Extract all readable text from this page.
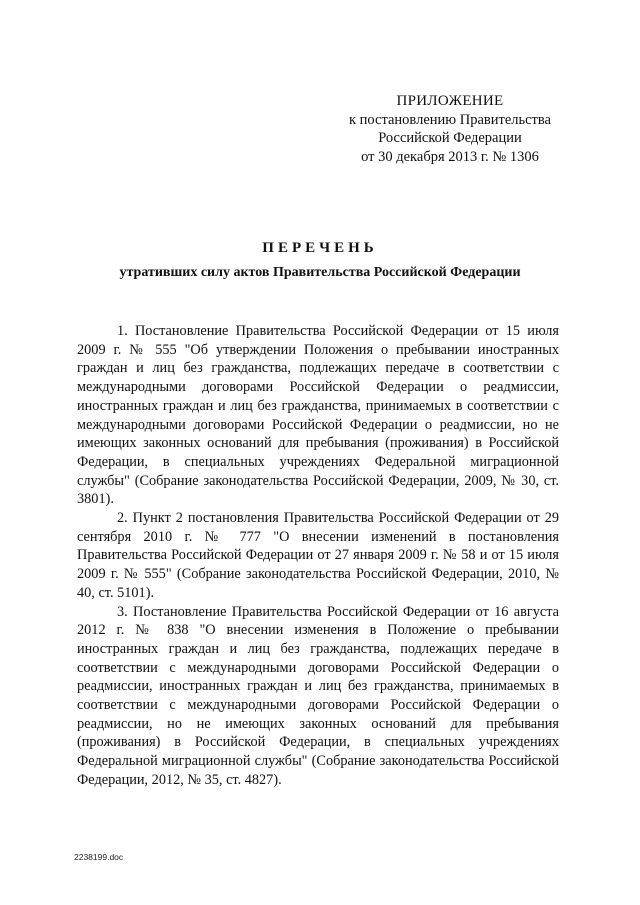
ПРИЛОЖЕНИЕ
к постановлению Правительства
Российской Федерации
от 30 декабря 2013 г. № 1306
ПЕРЕЧЕНЬ
утративших силу актов Правительства Российской Федерации

1. Постановление Правительства Российской Федерации от 15 июля 2009 г. № 555 "Об утверждении Положения о пребывании иностранных граждан и лиц без гражданства, подлежащих передаче в соответствии с международными договорами Российской Федерации о реадмиссии, иностранных граждан и лиц без гражданства, принимаемых в соответствии с международными договорами Российской Федерации о реадмиссии, но не имеющих законных оснований для пребывания (проживания) в Российской Федерации, в специальных учреждениях Федеральной миграционной службы" (Собрание законодательства Российской Федерации, 2009, № 30, ст. 3801).

2. Пункт 2 постановления Правительства Российской Федерации от 29 сентября 2010 г. № 777 "О внесении изменений в постановления Правительства Российской Федерации от 27 января 2009 г. № 58 и от 15 июля 2009 г. № 555" (Собрание законодательства Российской Федерации, 2010, № 40, ст. 5101).

3. Постановление Правительства Российской Федерации от 16 августа 2012 г. № 838 "О внесении изменения в Положение о пребывании иностранных граждан и лиц без гражданства, подлежащих передаче в соответствии с международными договорами Российской Федерации о реадмиссии, иностранных граждан и лиц без гражданства, принимаемых в соответствии с международными договорами Российской Федерации о реадмиссии, но не имеющих законных оснований для пребывания (проживания) в Российской Федерации, в специальных учреждениях Федеральной миграционной службы" (Собрание законодательства Российской Федерации, 2012, № 35, ст. 4827).

2238199.doc
